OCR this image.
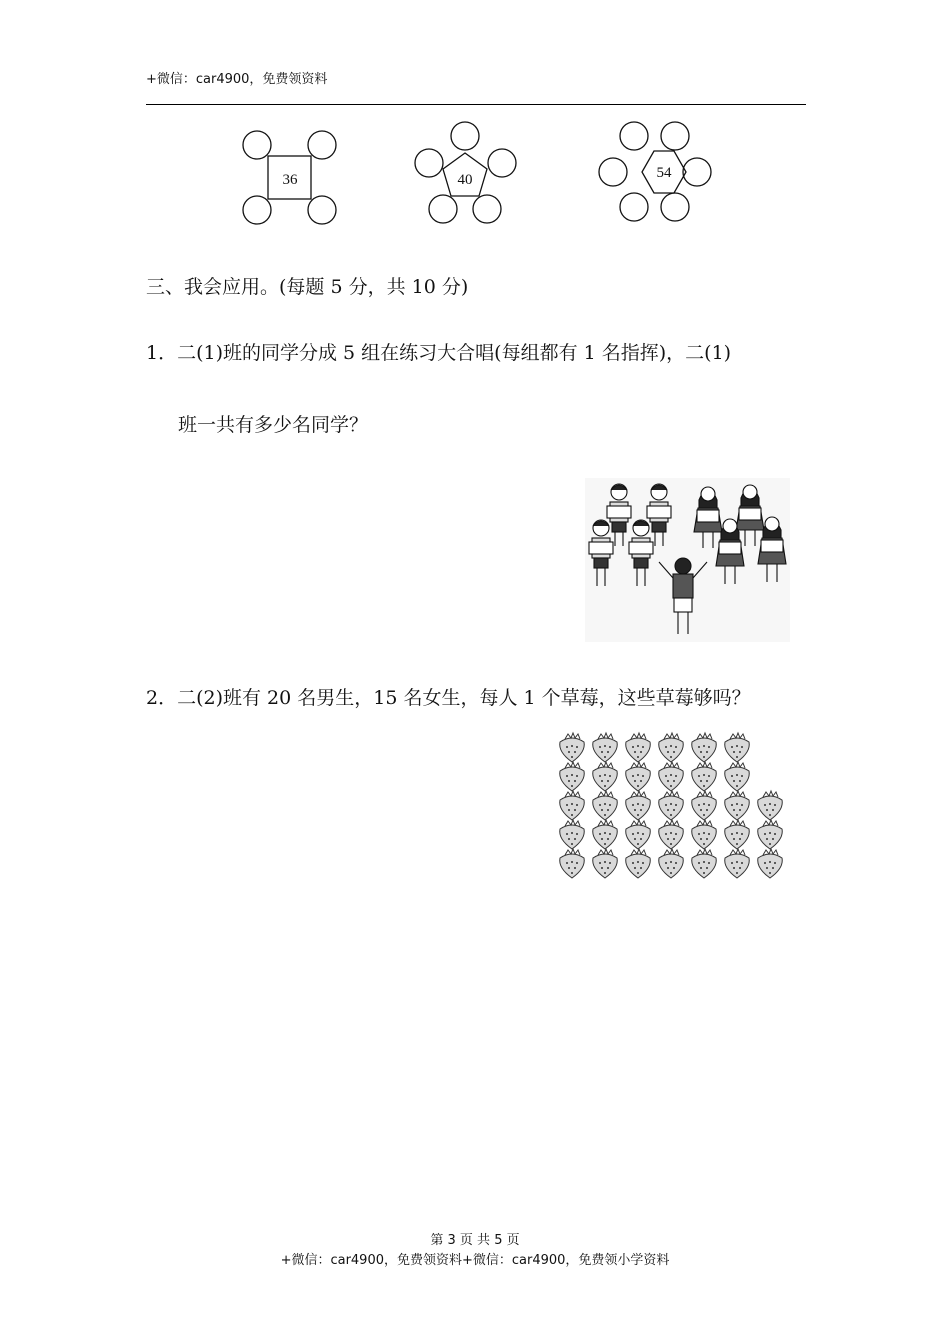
+微信：car4900，免费领资料
36	40	54
三、我会应用。(每题 5 分，共 10 分)
1．二(1)班的同学分成 5 组在练习大合唱(每组都有 1 名指挥)，二(1)
班一共有多少名同学？
2．二(2)班有 20 名男生，15 名女生，每人 1 个草莓，这些草莓够吗？
第 3 页 共 5 页
+微信：car4900，免费领资料+微信：car4900，免费领小学资料
